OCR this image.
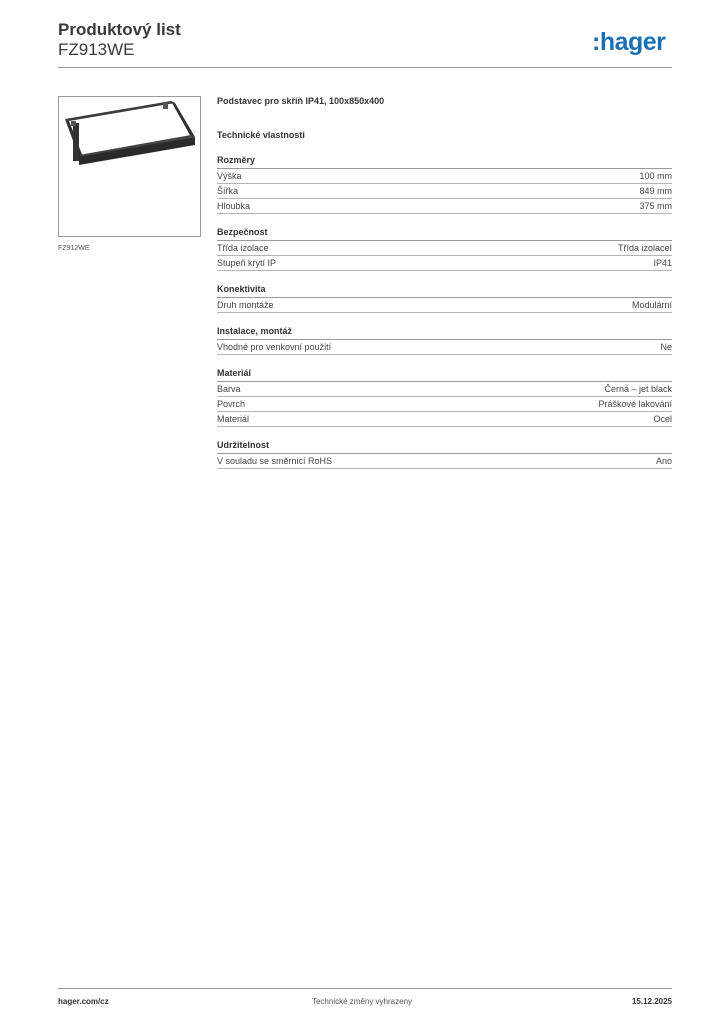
Produktový list
FZ913WE	:hager
FZ912WE
Podstavec pro skříň IP41, 100x850x400
Technické vlastnosti
Rozměry
Výška	100 mm
Šířka	849 mm
Hloubka	375 mm
Bezpečnost
Třída izolace	Třída izolaceI
Stupeň krytí IP	IP41
Konektivita
Druh montáže	Modulární
Instalace, montáž
Vhodné pro venkovní použití	Ne
Materiál
Barva	Černá – jet black
Povrch	Práškové lakování
Materiál	Ocel
Udržitelnost
V souladu se směrnicí RoHS	Ano
hager.com/cz	Technické změny vyhrazeny	15.12.2025
